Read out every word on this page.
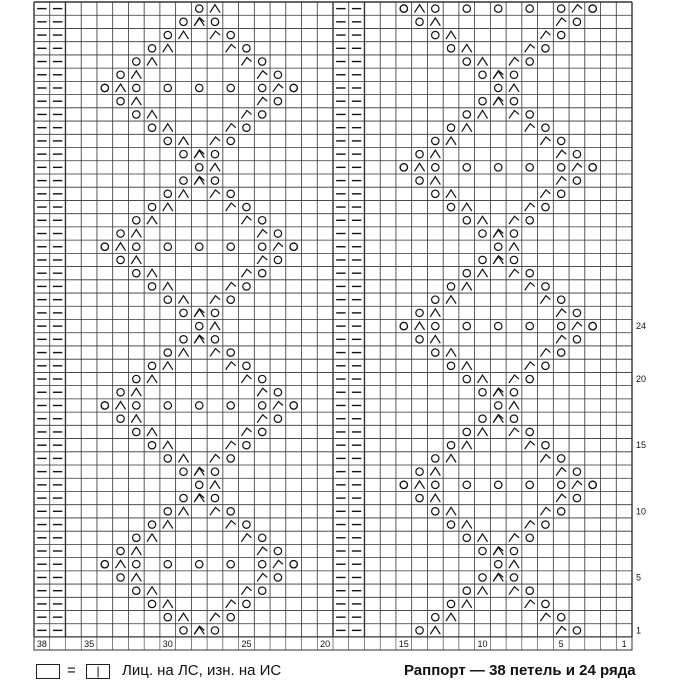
38	35	30	25	20	15	10	5	1
24
20
15
10
5
1
=	|	Лиц. на ЛС, изн. на ИС	Раппорт — 38 петель и 24 ряда
